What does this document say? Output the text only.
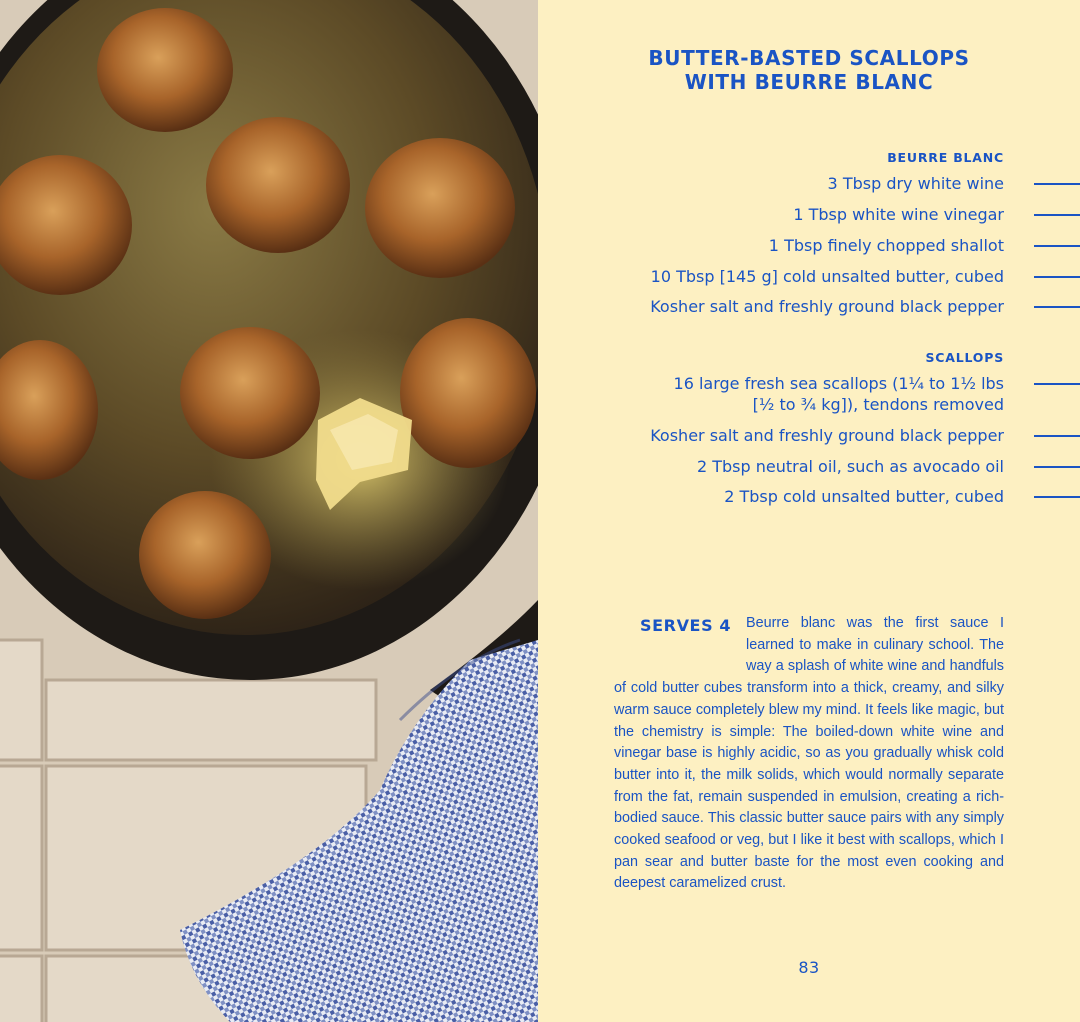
BUTTER-BASTED SCALLOPS
WITH BEURRE BLANC
BEURRE BLANC
3 Tbsp dry white wine
1 Tbsp white wine vinegar
1 Tbsp finely chopped shallot
10 Tbsp [145 g] cold unsalted butter, cubed
Kosher salt and freshly ground black pepper
SCALLOPS
16 large fresh sea scallops (1¼ to 1½ lbs
[½ to ¾ kg]), tendons removed
Kosher salt and freshly ground black pepper
2 Tbsp neutral oil, such as avocado oil
2 Tbsp cold unsalted butter, cubed
SERVES 4	Beurre blanc was the first sauce I learned to make in culinary school. The way a splash of white wine and handfuls of cold butter cubes transform into a thick, creamy, and silky warm sauce completely blew my mind. It feels like magic, but the chemistry is simple: The boiled-down white wine and vinegar base is highly acidic, so as you gradually whisk cold butter into it, the milk solids, which would normally separate from the fat, remain suspended in emulsion, creating a rich-bodied sauce. This classic butter sauce pairs with any simply cooked seafood or veg, but I like it best with scallops, which I pan sear and butter baste for the most even cooking and deepest caramelized crust.
83
